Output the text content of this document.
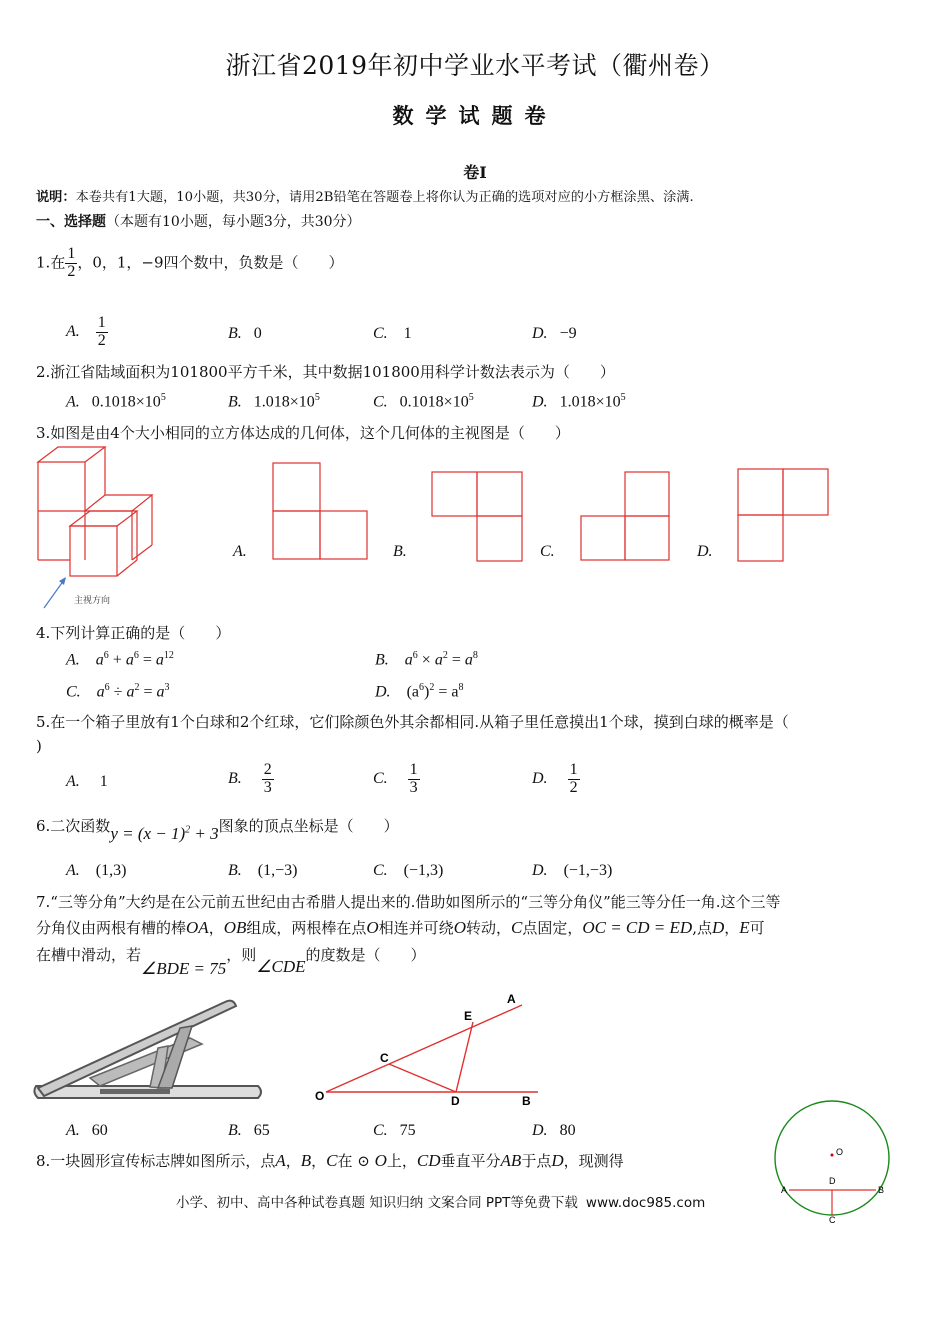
浙江省2019年初中学业水平考试（衢州卷）
数学试题卷
卷Ⅰ
说明：本卷共有1大题，10小题，共30分，请用2B铅笔在答题卷上将你认为正确的选项对应的小方框涂黑、涂满.
一、选择题（本题有10小题，每小题3分，共30分）
1.在 $\frac{1}{2}$ ，0，1，−9四个数中，负数是（　　）
A. $\frac{1}{2}$	B. 0	C. 1	D. −9
2.浙江省陆域面积为101800平方千米，其中数据101800用科学计数法表示为（　　）
A. $0.1018\times 10^5$	B. $1.018\times 10^5$	C. $0.1018\times 10^5$	D. $1.018\times 10^5$
3.如图是由4个大小相同的立方体达成的几何体，这个几何体的主视图是（　　）
主视方向
A.	B.	C.	D.
4.下列计算正确的是（　　）
A. $a^6 + a^6 = a^{12}$	B. $a^6 \times a^2 = a^8$
C. $a^6 \div a^2 = a^3$	D. $(a^6)^2 = a^8$
5.在一个箱子里放有1个白球和2个红球，它们除颜色外其余都相同.从箱子里任意摸出1个球，摸到白球的概率是（
)
A. 1	B. $\frac{2}{3}$	C. $\frac{1}{3}$	D. $\frac{1}{2}$
6.二次函数$y = (x - 1)^2 + 3$图象的顶点坐标是（　　）
A. (1,3)	B. (1,−3)	C. (−1,3)	D. (−1,−3)
7.“三等分角”大约是在公元前五世纪由古希腊人提出来的.借助如图所示的“三等分角仪”能三等分任一角.这个三等
分角仪由两根有槽的棒OA，OB组成，两根棒在点O相连并可绕O转动，C点固定，OC = CD = ED,点D，E可
在槽中滑动，若∠BDE = 75，则∠CDE的度数是（　　）
A
E
C
O	D	B
A. 60	B. 65	C. 75	D. 80
8.一块圆形宣传标志牌如图所示，点A，B，C在 ⊙ O上，CD垂直平分AB于点D，现测得	O
A	B
D
C
小学、初中、高中各种试卷真题 知识归纳 文案合同 PPT等免费下载 www.doc985.com
